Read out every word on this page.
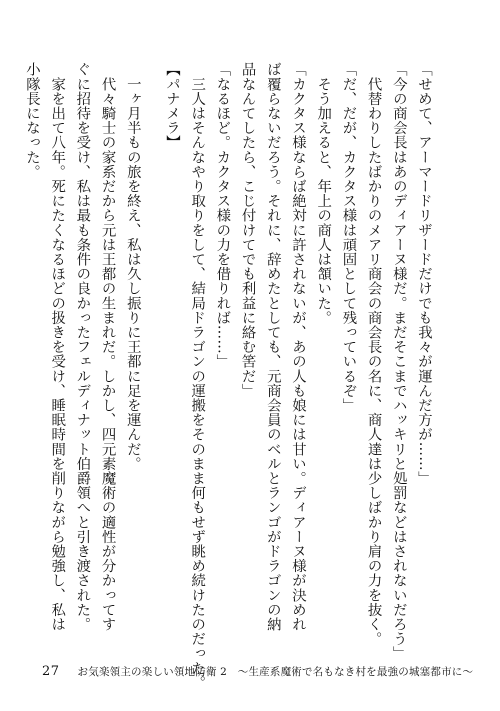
「せめて、アーマードリザードだけでも我々が運んだ方が……」

「今の商会長はあのディアーヌ様だ。まだそこまでハッキリと処罰などはされないだろう」

　代替わりしたばかりのメアリ商会の商会長の名に、商人達は少しばかり肩の力を抜く。

「だ、だが、カクタス様は頑固として残っているぞ」

　そう加えると、年上の商人は頷いた。

「カクタス様ならば絶対に許されないが、あの人も娘には甘い。ディアーヌ様が決めれば覆らないだろう。それに、辞めたとしても、元商会員のベルとランゴがドラゴンの納品なんてしたら、こじ付けてでも利益に絡む筈だ」

「なるほど。カクタス様の力を借りれば……」

　三人はそんなやり取りをして、結局ドラゴンの運搬をそのまま何もせず眺め続けたのだった。

【パナメラ】

　一ヶ月半もの旅を終え、私は久し振りに王都に足を運んだ。

　代々騎士の家系だから元は王都の生まれだ。しかし、四元素魔術の適性が分かってすぐに招待を受け、私は最も条件の良かったフェルディナット伯爵領へと引き渡された。

　家を出て八年。死にたくなるほどの扱きを受け、睡眠時間を削りながら勉強し、私は小隊長になった。

27 お気楽領主の楽しい領地防衛 2　～生産系魔術で名もなき村を最強の城塞都市に～
